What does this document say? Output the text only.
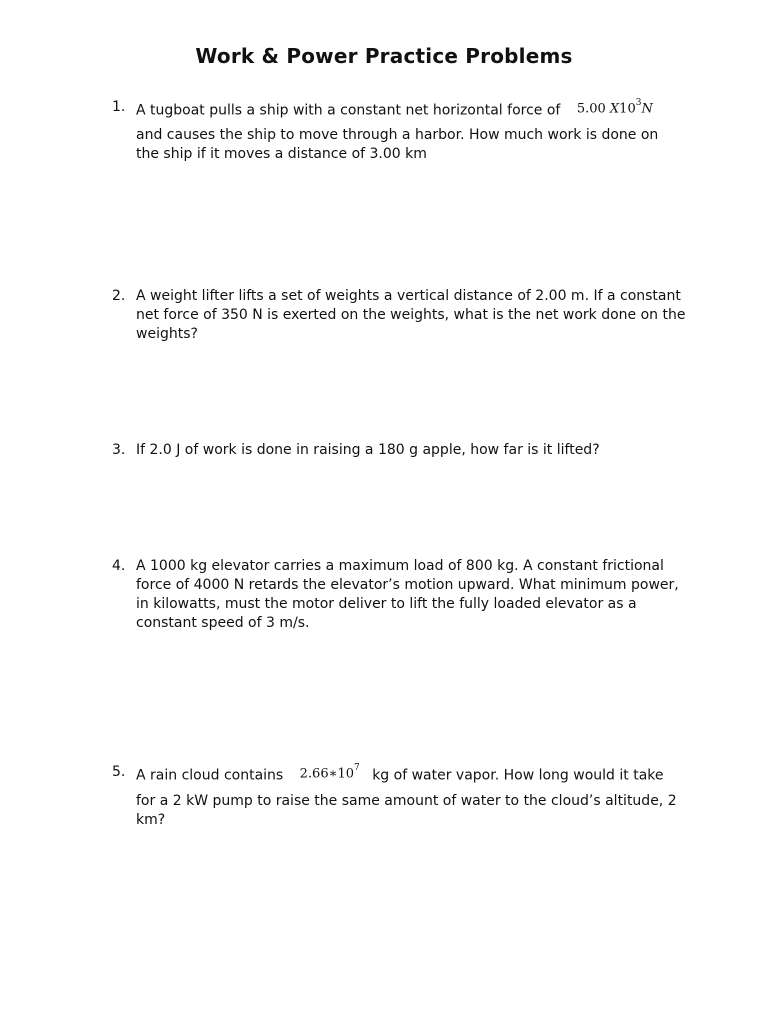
Work & Power Practice Problems
1. A tugboat pulls a ship with a constant net horizontal force of 5.00 $X10^3N$
and causes the ship to move through a harbor. How much work is done on
the ship if it moves a distance of 3.00 km
2. A weight lifter lifts a set of weights a vertical distance of 2.00 m. If a constant
net force of 350 N is exerted on the weights, what is the net work done on the
weights?
3. If 2.0 J of work is done in raising a 180 g apple, how far is it lifted?
4. A 1000 kg elevator carries a maximum load of 800 kg. A constant frictional
force of 4000 N retards the elevator’s motion upward. What minimum power,
in kilowatts, must the motor deliver to lift the fully loaded elevator as a
constant speed of 3 m/s.
5. A rain cloud contains $2.66∗10^7$ kg of water vapor. How long would it take
for a 2 kW pump to raise the same amount of water to the cloud’s altitude, 2
km?
